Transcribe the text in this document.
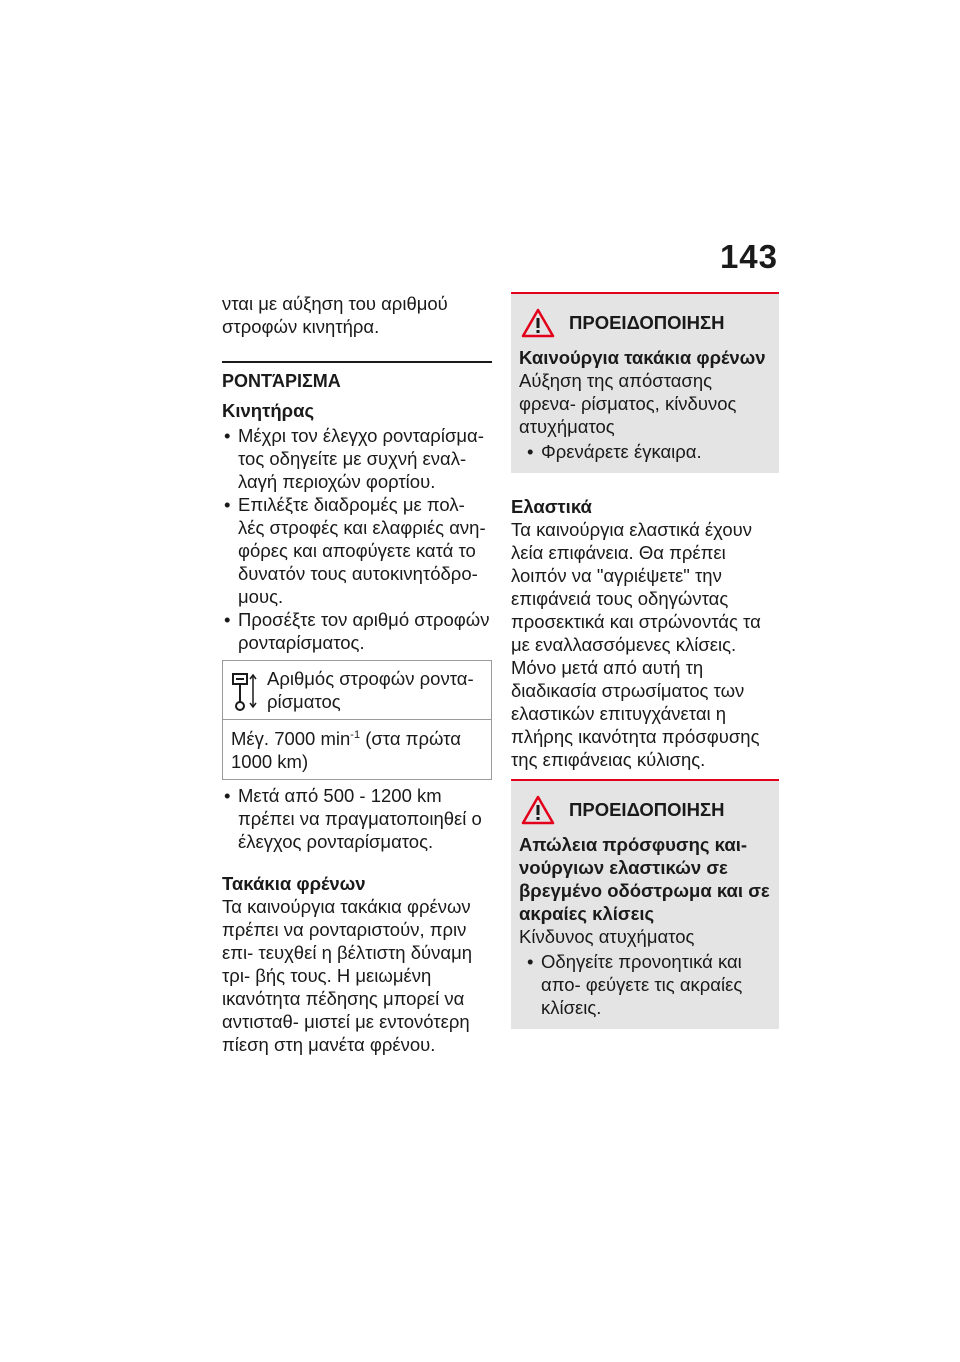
143

νται με αύξηση του αριθμού

στροφών κινητήρα.

ΡΟΝΤΆΡΙΣΜΑ
Κινητήρας
• Μέχρι τον έλεγχο ρονταρίσμα- τος οδηγείτε με συχνή εναλ- λαγή περιοχών φορτίου.
• Επιλέξτε διαδρομές με πολ- λές στροφές και ελαφριές ανη- φόρες και αποφύγετε κατά το δυνατόν τους αυτοκινητόδρο- μους.
• Προσέξτε τον αριθμό στροφών ρονταρίσματος.
Αριθμός στροφών ροντα- ρίσματος
Μέγ. 7000 $\min^{-1} (\sigma\tau\alpha$ πρώτα 1000 km)
• Μετά από 500 - 1200 km πρέπει να πραγματοποιηθεί ο έλεγχος ρονταρίσματος.
Τακάκια φρένων

Τα καινούργια τακάκια φρένων πρέπει να ρονταριστούν, πριν επι- τευχθεί η βέλτιστη δύναμη τρι- βής τους. Η μειωμένη ικανότητα πέδησης μπορεί να αντισταθ- μιστεί με εντονότερη πίεση στη μανέτα φρένου.

ΠΡΟΕΙΔΟΠΟΙΗΣΗ
Καινούργια τακάκια φρένων
Αύξηση της απόστασης φρενα- ρίσματος, κίνδυνος ατυχήματος
• Φρενάρετε έγκαιρα.
Ελαστικά

Τα καινούργια ελαστικά έχουν λεία επιφάνεια. Θα πρέπει λοιπόν να "αγριέψετε" την επιφάνειά τους οδηγώντας προσεκτικά και στρώνοντάς τα με εναλλασσόμενες κλίσεις. Μόνο μετά από αυτή τη διαδικασία στρωσίματος των ελαστικών επιτυγχάνεται η πλήρης ικανότητα πρόσφυσης της επιφάνειας κύλισης.

ΠΡΟΕΙΔΟΠΟΙΗΣΗ
Απώλεια πρόσφυσης και- νούργιων ελαστικών σε βρεγμένο οδόστρωμα και σε ακραίες κλίσεις
Κίνδυνος ατυχήματος
• Οδηγείτε προνοητικά και απο- φεύγετε τις ακραίες κλίσεις.
